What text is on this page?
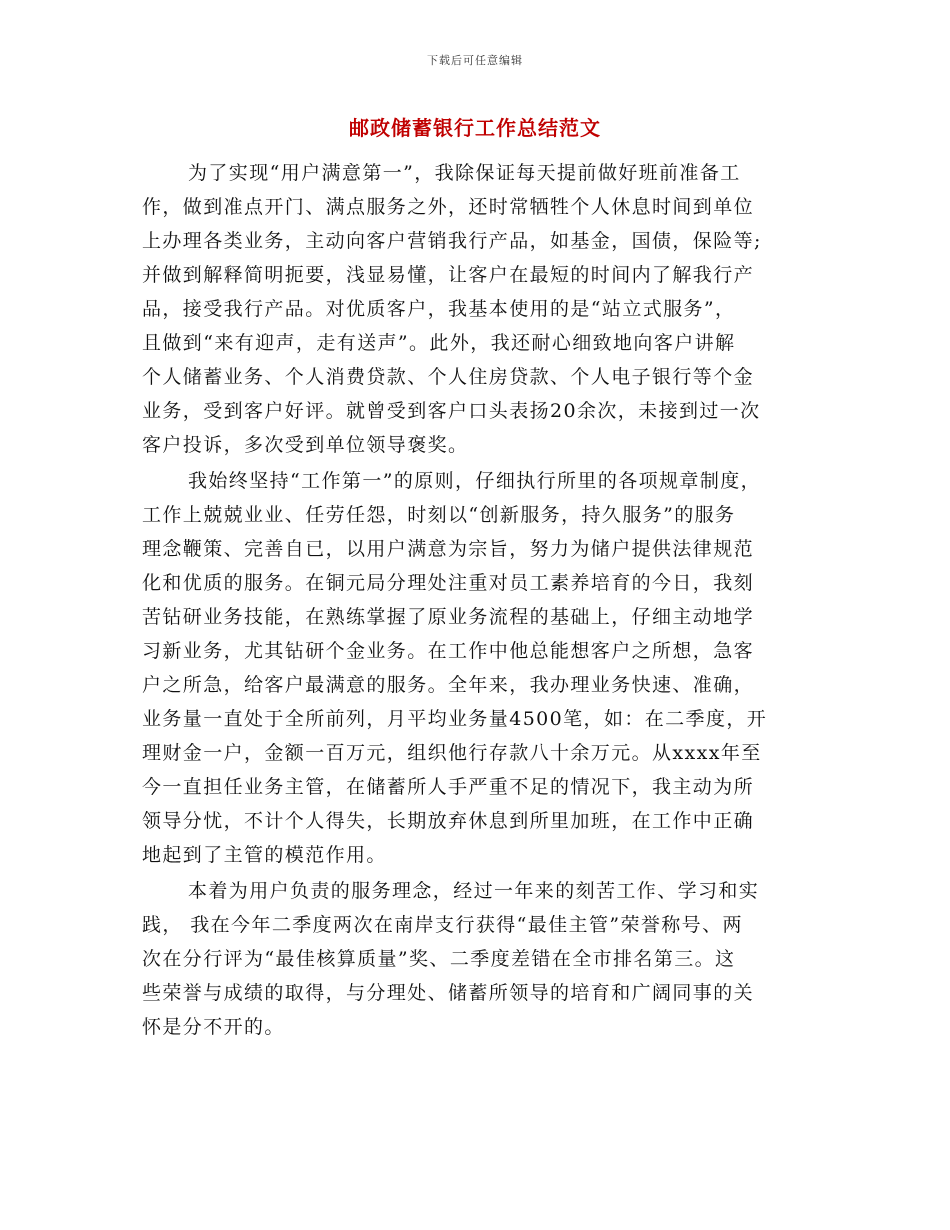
下载后可任意编辑
邮政储蓄银行工作总结范文
为了实现“用户满意第一”，我除保证每天提前做好班前准备工
作，做到准点开门、满点服务之外，还时常牺牲个人休息时间到单位
上办理各类业务，主动向客户营销我行产品，如基金，国债，保险等;
并做到解释简明扼要，浅显易懂，让客户在最短的时间内了解我行产
品，接受我行产品。对优质客户，我基本使用的是“站立式服务”，
且做到“来有迎声，走有送声”。此外，我还耐心细致地向客户讲解
个人储蓄业务、个人消费贷款、个人住房贷款、个人电子银行等个金
业务，受到客户好评。就曾受到客户口头表扬20余次，未接到过一次
客户投诉，多次受到单位领导褒奖。
我始终坚持“工作第一”的原则，仔细执行所里的各项规章制度，
工作上兢兢业业、任劳任怨，时刻以“创新服务，持久服务”的服务
理念鞭策、完善自已，以用户满意为宗旨，努力为储户提供法律规范
化和优质的服务。在铜元局分理处注重对员工素养培育的今日，我刻
苦钻研业务技能，在熟练掌握了原业务流程的基础上，仔细主动地学
习新业务，尤其钻研个金业务。在工作中他总能想客户之所想，急客
户之所急，给客户最满意的服务。全年来，我办理业务快速、准确，
业务量一直处于全所前列，月平均业务量4500笔，如：在二季度，开
理财金一户，金额一百万元，组织他行存款八十余万元。从xxxx年至
今一直担任业务主管，在储蓄所人手严重不足的情况下，我主动为所
领导分忧，不计个人得失，长期放弃休息到所里加班，在工作中正确
地起到了主管的模范作用。
本着为用户负责的服务理念，经过一年来的刻苦工作、学习和实
践， 我在今年二季度两次在南岸支行获得“最佳主管”荣誉称号、两
次在分行评为“最佳核算质量”奖、二季度差错在全市排名第三。这
些荣誉与成绩的取得，与分理处、储蓄所领导的培育和广阔同事的关
怀是分不开的。
